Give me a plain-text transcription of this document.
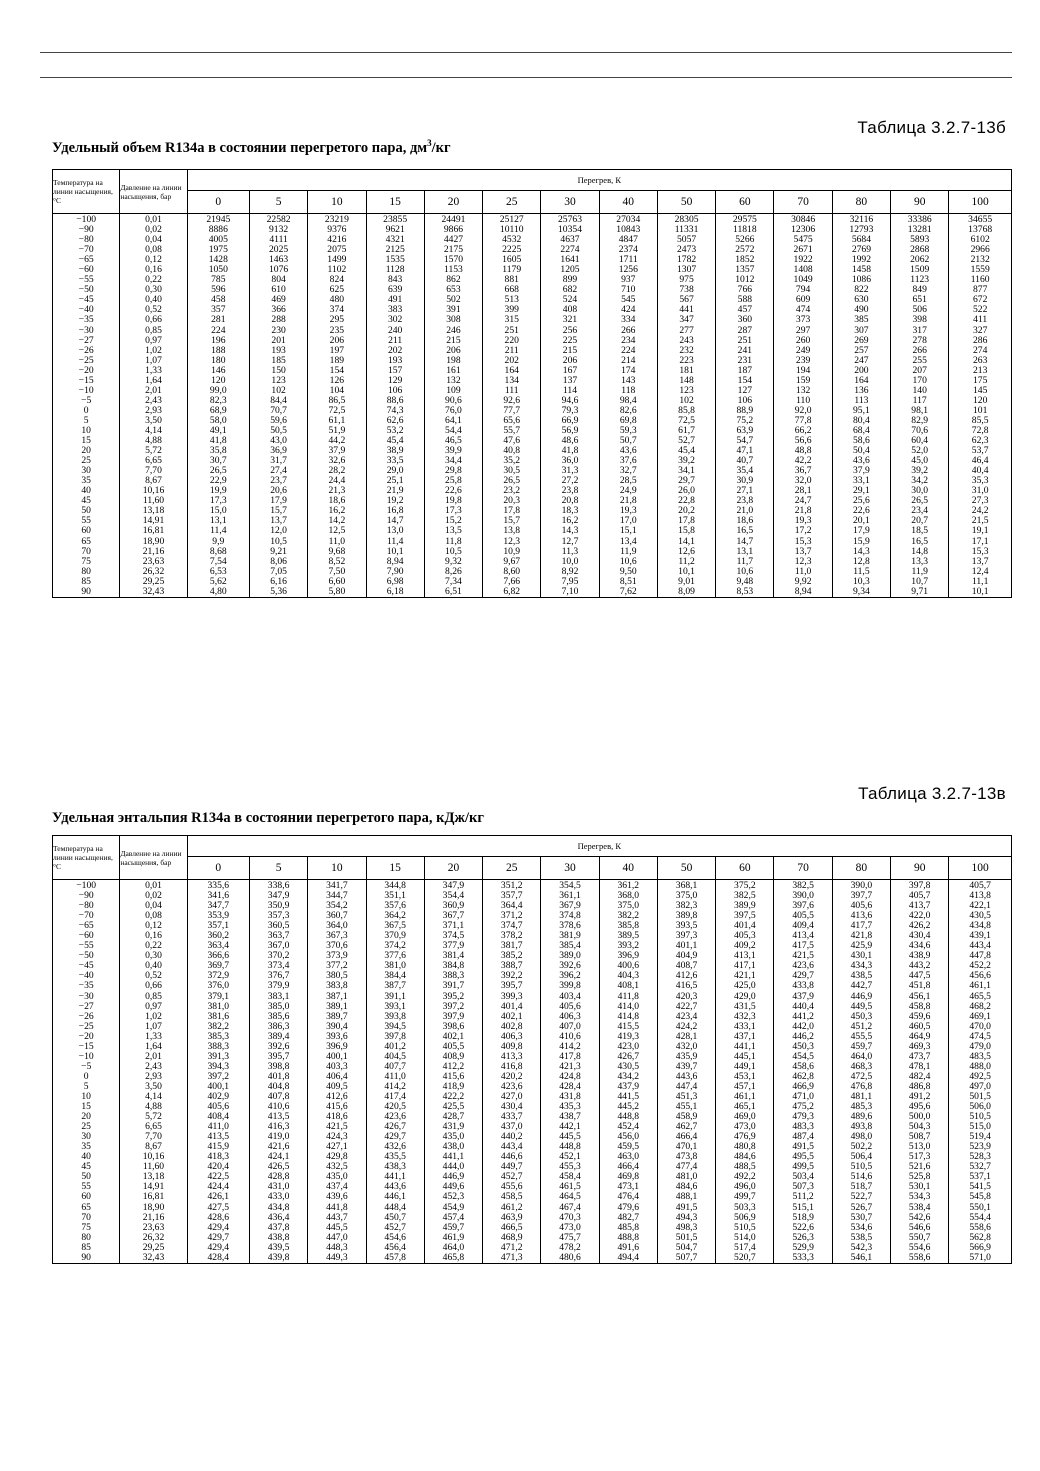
Таблица 3.2.7-13б
Удельный объем R134a в состоянии перегретого пара, $дм^3/кг$
Температура на линии насыщения, °С	Давление на линии насыщения, бар	Перегрев, К													
		0	5	10	15	20	25	30	40	50	60	70	80	90	100
−100	0,01	21945	22582	23219	23855	24491	25127	25763	27034	28305	29575	30846	32116	33386	34655
−90	0,02	8886	9132	9376	9621	9866	10110	10354	10843	11331	11818	12306	12793	13281	13768
−80	0,04	4005	4111	4216	4321	4427	4532	4637	4847	5057	5266	5475	5684	5893	6102
−70	0,08	1975	2025	2075	2125	2175	2225	2274	2374	2473	2572	2671	2769	2868	2966
−65	0,12	1428	1463	1499	1535	1570	1605	1641	1711	1782	1852	1922	1992	2062	2132
−60	0,16	1050	1076	1102	1128	1153	1179	1205	1256	1307	1357	1408	1458	1509	1559
−55	0,22	785	804	824	843	862	881	899	937	975	1012	1049	1086	1123	1160
−50	0,30	596	610	625	639	653	668	682	710	738	766	794	822	849	877
−45	0,40	458	469	480	491	502	513	524	545	567	588	609	630	651	672
−40	0,52	357	366	374	383	391	399	408	424	441	457	474	490	506	522
−35	0,66	281	288	295	302	308	315	321	334	347	360	373	385	398	411
−30	0,85	224	230	235	240	246	251	256	266	277	287	297	307	317	327
−27	0,97	196	201	206	211	215	220	225	234	243	251	260	269	278	286
−26	1,02	188	193	197	202	206	211	215	224	232	241	249	257	266	274
−25	1,07	180	185	189	193	198	202	206	214	223	231	239	247	255	263
−20	1,33	146	150	154	157	161	164	167	174	181	187	194	200	207	213
−15	1,64	120	123	126	129	132	134	137	143	148	154	159	164	170	175
−10	2,01	99,0	102	104	106	109	111	114	118	123	127	132	136	140	145
−5	2,43	82,3	84,4	86,5	88,6	90,6	92,6	94,6	98,4	102	106	110	113	117	120
0	2,93	68,9	70,7	72,5	74,3	76,0	77,7	79,3	82,6	85,8	88,9	92,0	95,1	98,1	101
5	3,50	58,0	59,6	61,1	62,6	64,1	65,6	66,9	69,8	72,5	75,2	77,8	80,4	82,9	85,5
10	4,14	49,1	50,5	51,9	53,2	54,4	55,7	56,9	59,3	61,7	63,9	66,2	68,4	70,6	72,8
15	4,88	41,8	43,0	44,2	45,4	46,5	47,6	48,6	50,7	52,7	54,7	56,6	58,6	60,4	62,3
20	5,72	35,8	36,9	37,9	38,9	39,9	40,8	41,8	43,6	45,4	47,1	48,8	50,4	52,0	53,7
25	6,65	30,7	31,7	32,6	33,5	34,4	35,2	36,0	37,6	39,2	40,7	42,2	43,6	45,0	46,4
30	7,70	26,5	27,4	28,2	29,0	29,8	30,5	31,3	32,7	34,1	35,4	36,7	37,9	39,2	40,4
35	8,67	22,9	23,7	24,4	25,1	25,8	26,5	27,2	28,5	29,7	30,9	32,0	33,1	34,2	35,3
40	10,16	19,9	20,6	21,3	21,9	22,6	23,2	23,8	24,9	26,0	27,1	28,1	29,1	30,0	31,0
45	11,60	17,3	17,9	18,6	19,2	19,8	20,3	20,8	21,8	22,8	23,8	24,7	25,6	26,5	27,3
50	13,18	15,0	15,7	16,2	16,8	17,3	17,8	18,3	19,3	20,2	21,0	21,8	22,6	23,4	24,2
55	14,91	13,1	13,7	14,2	14,7	15,2	15,7	16,2	17,0	17,8	18,6	19,3	20,1	20,7	21,5
60	16,81	11,4	12,0	12,5	13,0	13,5	13,8	14,3	15,1	15,8	16,5	17,2	17,9	18,5	19,1
65	18,90	9,9	10,5	11,0	11,4	11,8	12,3	12,7	13,4	14,1	14,7	15,3	15,9	16,5	17,1
70	21,16	8,68	9,21	9,68	10,1	10,5	10,9	11,3	11,9	12,6	13,1	13,7	14,3	14,8	15,3
75	23,63	7,54	8,06	8,52	8,94	9,32	9,67	10,0	10,6	11,2	11,7	12,3	12,8	13,3	13,7
80	26,32	6,53	7,05	7,50	7,90	8,26	8,60	8,92	9,50	10,1	10,6	11,0	11,5	11,9	12,4
85	29,25	5,62	6,16	6,60	6,98	7,34	7,66	7,95	8,51	9,01	9,48	9,92	10,3	10,7	11,1
90	32,43	4,80	5,36	5,80	6,18	6,51	6,82	7,10	7,62	8,09	8,53	8,94	9,34	9,71	10,1
Таблица 3.2.7-13в
Удельная энтальпия R134a в состоянии перегретого пара, кДж/кг
Температура на линии насыщения, °С	Давление на линии насыщения, бар	Перегрев, К													
		0	5	10	15	20	25	30	40	50	60	70	80	90	100
−100	0,01	335,6	338,6	341,7	344,8	347,9	351,2	354,5	361,2	368,1	375,2	382,5	390,0	397,8	405,7
−90	0,02	341,6	347,9	344,7	351,1	354,4	357,7	361,1	368,0	375,0	382,5	390,0	397,7	405,7	413,8
−80	0,04	347,7	350,9	354,2	357,6	360,9	364,4	367,9	375,0	382,3	389,9	397,6	405,6	413,7	422,1
−70	0,08	353,9	357,3	360,7	364,2	367,7	371,2	374,8	382,2	389,8	397,5	405,5	413,6	422,0	430,5
−65	0,12	357,1	360,5	364,0	367,5	371,1	374,7	378,6	385,8	393,5	401,4	409,4	417,7	426,2	434,8
−60	0,16	360,2	363,7	367,3	370,9	374,5	378,2	381,9	389,5	397,3	405,3	413,4	421,8	430,4	439,1
−55	0,22	363,4	367,0	370,6	374,2	377,9	381,7	385,4	393,2	401,1	409,2	417,5	425,9	434,6	443,4
−50	0,30	366,6	370,2	373,9	377,6	381,4	385,2	389,0	396,9	404,9	413,1	421,5	430,1	438,9	447,8
−45	0,40	369,7	373,4	377,2	381,0	384,8	388,7	392,6	400,6	408,7	417,1	423,6	434,3	443,2	452,2
−40	0,52	372,9	376,7	380,5	384,4	388,3	392,2	396,2	404,3	412,6	421,1	429,7	438,5	447,5	456,6
−35	0,66	376,0	379,9	383,8	387,7	391,7	395,7	399,8	408,1	416,5	425,0	433,8	442,7	451,8	461,1
−30	0,85	379,1	383,1	387,1	391,1	395,2	399,3	403,4	411,8	420,3	429,0	437,9	446,9	456,1	465,5
−27	0,97	381,0	385,0	389,1	393,1	397,2	401,4	405,6	414,0	422,7	431,5	440,4	449,5	458,8	468,2
−26	1,02	381,6	385,6	389,7	393,8	397,9	402,1	406,3	414,8	423,4	432,3	441,2	450,3	459,6	469,1
−25	1,07	382,2	386,3	390,4	394,5	398,6	402,8	407,0	415,5	424,2	433,1	442,0	451,2	460,5	470,0
−20	1,33	385,3	389,4	393,6	397,8	402,1	406,3	410,6	419,3	428,1	437,1	446,2	455,5	464,9	474,5
−15	1,64	388,3	392,6	396,9	401,2	405,5	409,8	414,2	423,0	432,0	441,1	450,3	459,7	469,3	479,0
−10	2,01	391,3	395,7	400,1	404,5	408,9	413,3	417,8	426,7	435,9	445,1	454,5	464,0	473,7	483,5
−5	2,43	394,3	398,8	403,3	407,7	412,2	416,8	421,3	430,5	439,7	449,1	458,6	468,3	478,1	488,0
0	2,93	397,2	401,8	406,4	411,0	415,6	420,2	424,8	434,2	443,6	453,1	462,8	472,5	482,4	492,5
5	3,50	400,1	404,8	409,5	414,2	418,9	423,6	428,4	437,9	447,4	457,1	466,9	476,8	486,8	497,0
10	4,14	402,9	407,8	412,6	417,4	422,2	427,0	431,8	441,5	451,3	461,1	471,0	481,1	491,2	501,5
15	4,88	405,6	410,6	415,6	420,5	425,5	430,4	435,3	445,2	455,1	465,1	475,2	485,3	495,6	506,0
20	5,72	408,4	413,5	418,6	423,6	428,7	433,7	438,7	448,8	458,9	469,0	479,3	489,6	500,0	510,5
25	6,65	411,0	416,3	421,5	426,7	431,9	437,0	442,1	452,4	462,7	473,0	483,3	493,8	504,3	515,0
30	7,70	413,5	419,0	424,3	429,7	435,0	440,2	445,5	456,0	466,4	476,9	487,4	498,0	508,7	519,4
35	8,67	415,9	421,6	427,1	432,6	438,0	443,4	448,8	459,5	470,1	480,8	491,5	502,2	513,0	523,9
40	10,16	418,3	424,1	429,8	435,5	441,1	446,6	452,1	463,0	473,8	484,6	495,5	506,4	517,3	528,3
45	11,60	420,4	426,5	432,5	438,3	444,0	449,7	455,3	466,4	477,4	488,5	499,5	510,5	521,6	532,7
50	13,18	422,5	428,8	435,0	441,1	446,9	452,7	458,4	469,8	481,0	492,2	503,4	514,6	525,8	537,1
55	14,91	424,4	431,0	437,4	443,6	449,6	455,6	461,5	473,1	484,6	496,0	507,3	518,7	530,1	541,5
60	16,81	426,1	433,0	439,6	446,1	452,3	458,5	464,5	476,4	488,1	499,7	511,2	522,7	534,3	545,8
65	18,90	427,5	434,8	441,8	448,4	454,9	461,2	467,4	479,6	491,5	503,3	515,1	526,7	538,4	550,1
70	21,16	428,6	436,4	443,7	450,7	457,4	463,9	470,3	482,7	494,3	506,9	518,9	530,7	542,6	554,4
75	23,63	429,4	437,8	445,5	452,7	459,7	466,5	473,0	485,8	498,3	510,5	522,6	534,6	546,6	558,6
80	26,32	429,7	438,8	447,0	454,6	461,9	468,9	475,7	488,8	501,5	514,0	526,3	538,5	550,7	562,8
85	29,25	429,4	439,5	448,3	456,4	464,0	471,2	478,2	491,6	504,7	517,4	529,9	542,3	554,6	566,9
90	32,43	428,4	439,8	449,3	457,8	465,8	471,3	480,6	494,4	507,7	520,7	533,3	546,1	558,6	571,0
